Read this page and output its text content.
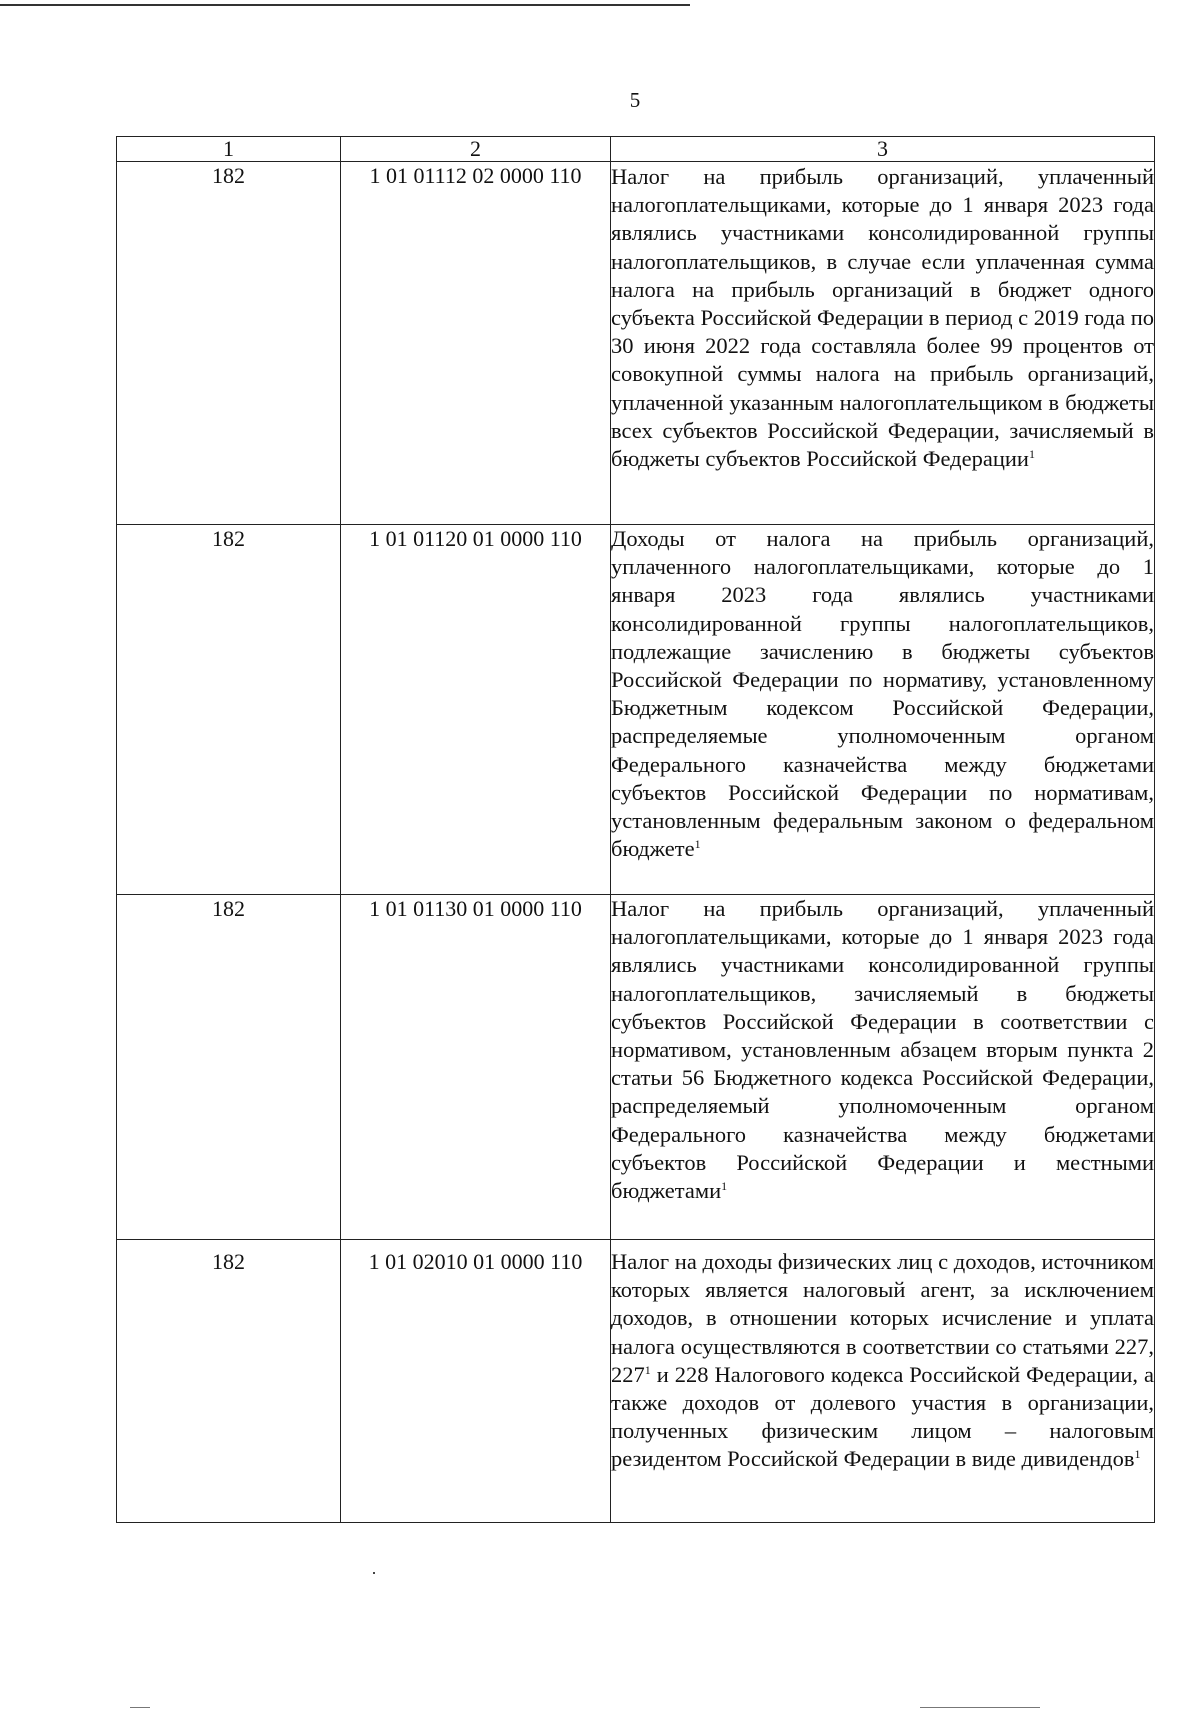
5
1	2	3
182	1 01 01112 02 0000 110	Налог на прибыль организаций, уплаченный налогоплательщиками, которые до 1 января 2023 года являлись участниками консолидированной группы налогоплательщиков, в случае если уплаченная сумма налога на прибыль организаций в бюджет одного субъекта Российской Федерации в период с 2019 года по 30 июня 2022 года составляла более 99 процентов от совокупной суммы налога на прибыль организаций, уплаченной указанным налогоплательщиком в бюджеты всех субъектов Российской Федерации, зачисляемый в бюджеты субъектов Российской Федерации$^1$
182	1 01 01120 01 0000 110	Доходы от налога на прибыль организаций, уплаченного налогоплательщиками, которые до 1 января 2023 года являлись участниками консолидированной группы налогоплательщиков, подлежащие зачислению в бюджеты субъектов Российской Федерации по нормативу, установленному Бюджетным кодексом Российской Федерации, распределяемые уполномоченным органом Федерального казначейства между бюджетами субъектов Российской Федерации по нормативам, установленным федеральным законом о федеральном бюджете$^1$
182	1 01 01130 01 0000 110	Налог на прибыль организаций, уплаченный налогоплательщиками, которые до 1 января 2023 года являлись участниками консолидированной группы налогоплательщиков, зачисляемый в бюджеты субъектов Российской Федерации в соответствии с нормативом, установленным абзацем вторым пункта 2 статьи 56 Бюджетного кодекса Российской Федерации, распределяемый уполномоченным органом Федерального казначейства между бюджетами субъектов Российской Федерации и местными бюджетами$^1$
182	1 01 02010 01 0000 110	Налог на доходы физических лиц с доходов, источником которых является налоговый агент, за исключением доходов, в отношении которых исчисление и уплата налога осуществляются в соответствии со статьями 227, $227^1$ и 228 Налогового кодекса Российской Федерации, а также доходов от долевого участия в организации, полученных физическим лицом – налоговым резидентом Российской Федерации в виде дивидендов$^1$
